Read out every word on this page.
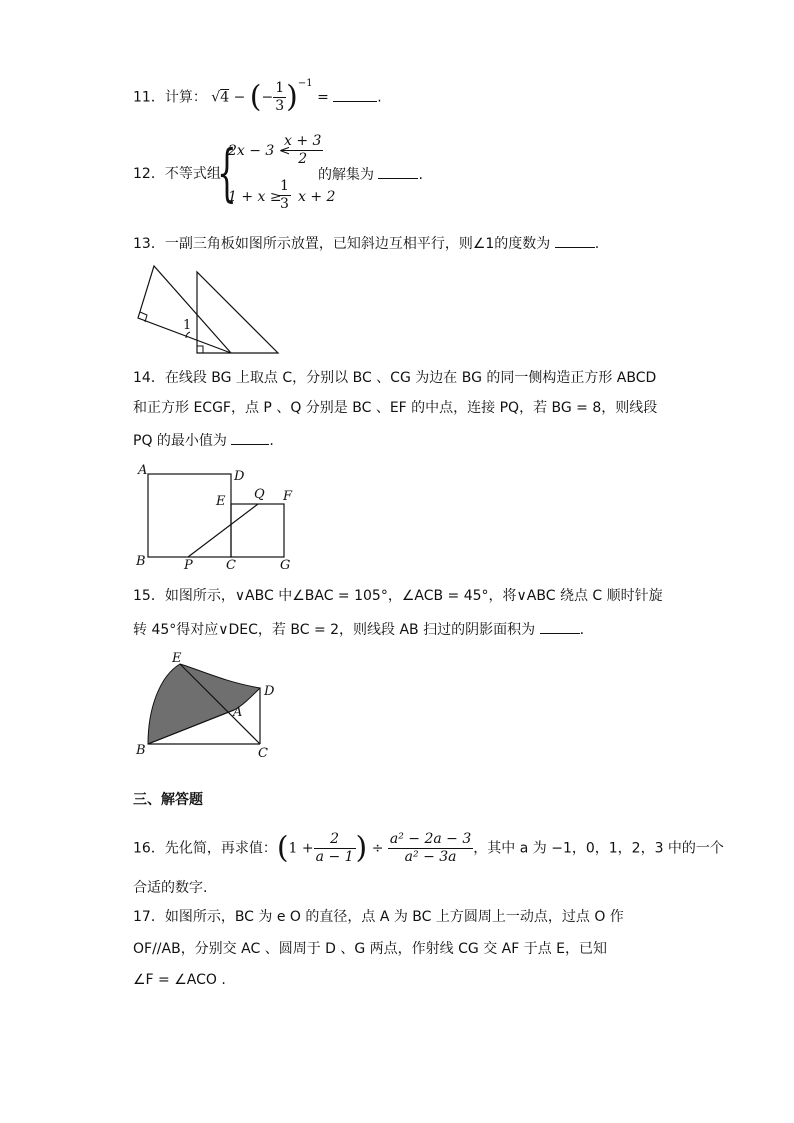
11．计算： √4 − (− $\frac{1}{3} )^{-1}$ =	.
12．不等式组
{
2x − 3 <
$\frac{x + 3}{2}$
1 + x ≥
$\frac{1}{3}$ x + 2
的解集为	.
13．一副三角板如图所示放置，已知斜边互相平行，则∠1的度数为	.
1
14．在线段 BG 上取点 C，分别以 BC 、CG 为边在 BG 的同一侧构造正方形 ABCD
和正方形 ECGF，点 P 、Q 分别是 BC 、EF 的中点，连接 PQ，若 BG = 8，则线段
PQ 的最小值为	.
A	D
E Q F
B	P	C	G
15．如图所示，∨ABC 中∠BAC = 105°，∠ACB = 45°，将∨ABC 绕点 C 顺时针旋
转 45°得对应∨DEC，若 BC = 2，则线段 AB 扫过的阴影面积为	.
E
D
A
B	C
三、解答题
16．先化简，再求值：($1 + \frac{2}{a - 1}$ ) ÷ $\frac{\text{a² − 2a − 3}}{\text{a² − 3a}}$ ，其中 a 为 −1，0，1，2，3 中的一个
合适的数字.
17．如图所示，BC 为 e O 的直径，点 A 为 BC 上方圆周上一动点，过点 O 作
OF//AB，分别交 AC 、圆周于 D 、G 两点，作射线 CG 交 AF 于点 E，已知
∠F = ∠ACO .
